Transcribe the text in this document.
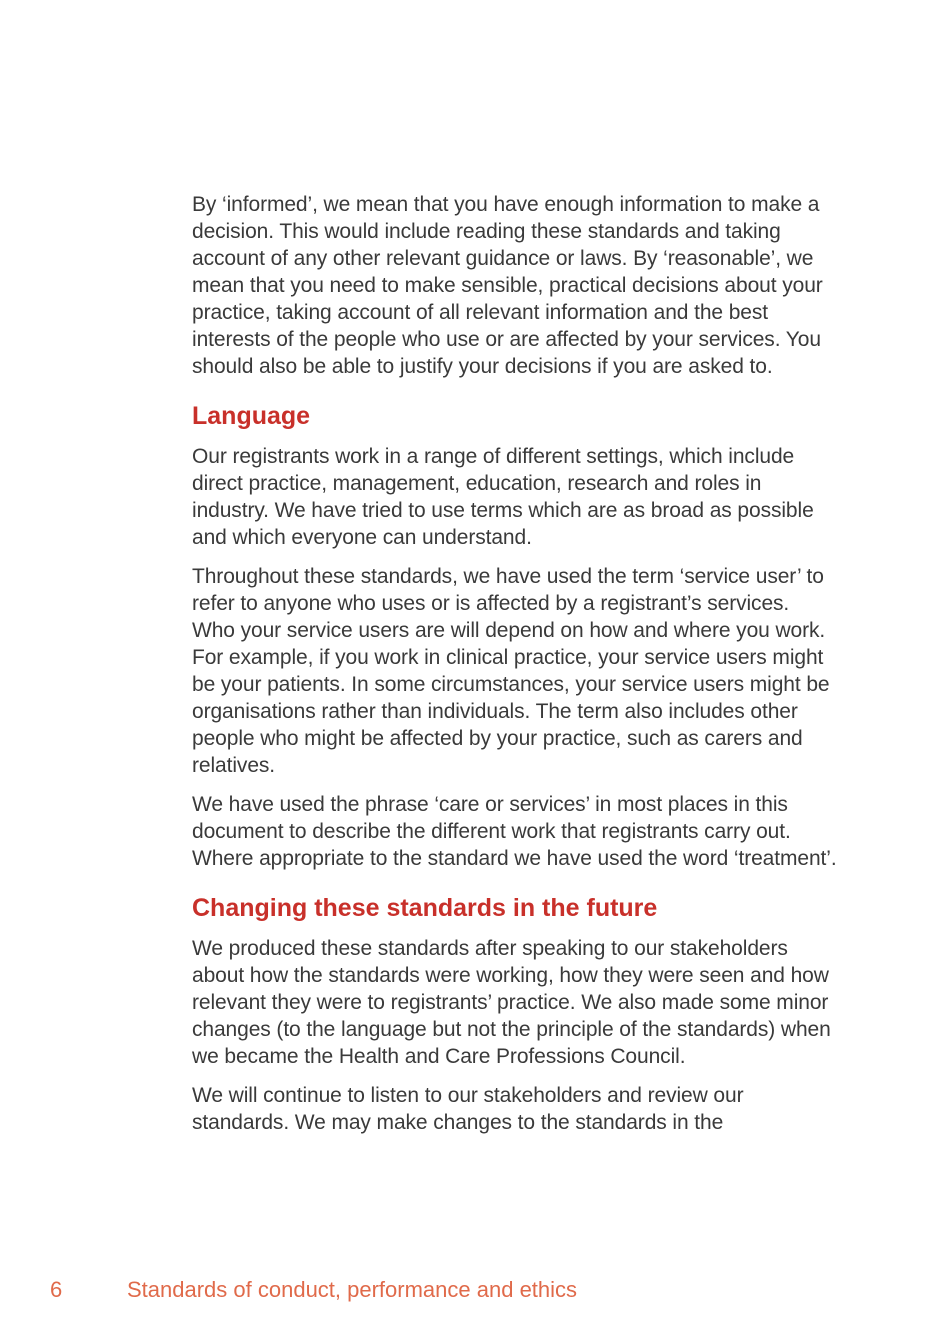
By ‘informed’, we mean that you have enough information to make a decision. This would include reading these standards and taking account of any other relevant guidance or laws. By ‘reasonable’, we mean that you need to make sensible, practical decisions about your practice, taking account of all relevant information and the best interests of the people who use or are affected by your services. You should also be able to justify your decisions if you are asked to.

Language

Our registrants work in a range of different settings, which include direct practice, management, education, research and roles in industry. We have tried to use terms which are as broad as possible and which everyone can understand.

Throughout these standards, we have used the term ‘service user’ to refer to anyone who uses or is affected by a registrant’s services. Who your service users are will depend on how and where you work. For example, if you work in clinical practice, your service users might be your patients. In some circumstances, your service users might be organisations rather than individuals. The term also includes other people who might be affected by your practice, such as carers and relatives.

We have used the phrase ‘care or services’ in most places in this document to describe the different work that registrants carry out. Where appropriate to the standard we have used the word ‘treatment’.

Changing these standards in the future

We produced these standards after speaking to our stakeholders about how the standards were working, how they were seen and how relevant they were to registrants’ practice. We also made some minor changes (to the language but not the principle of the standards) when we became the Health and Care Professions Council.

We will continue to listen to our stakeholders and review our standards. We may make changes to the standards in the

6	Standards of conduct, performance and ethics
